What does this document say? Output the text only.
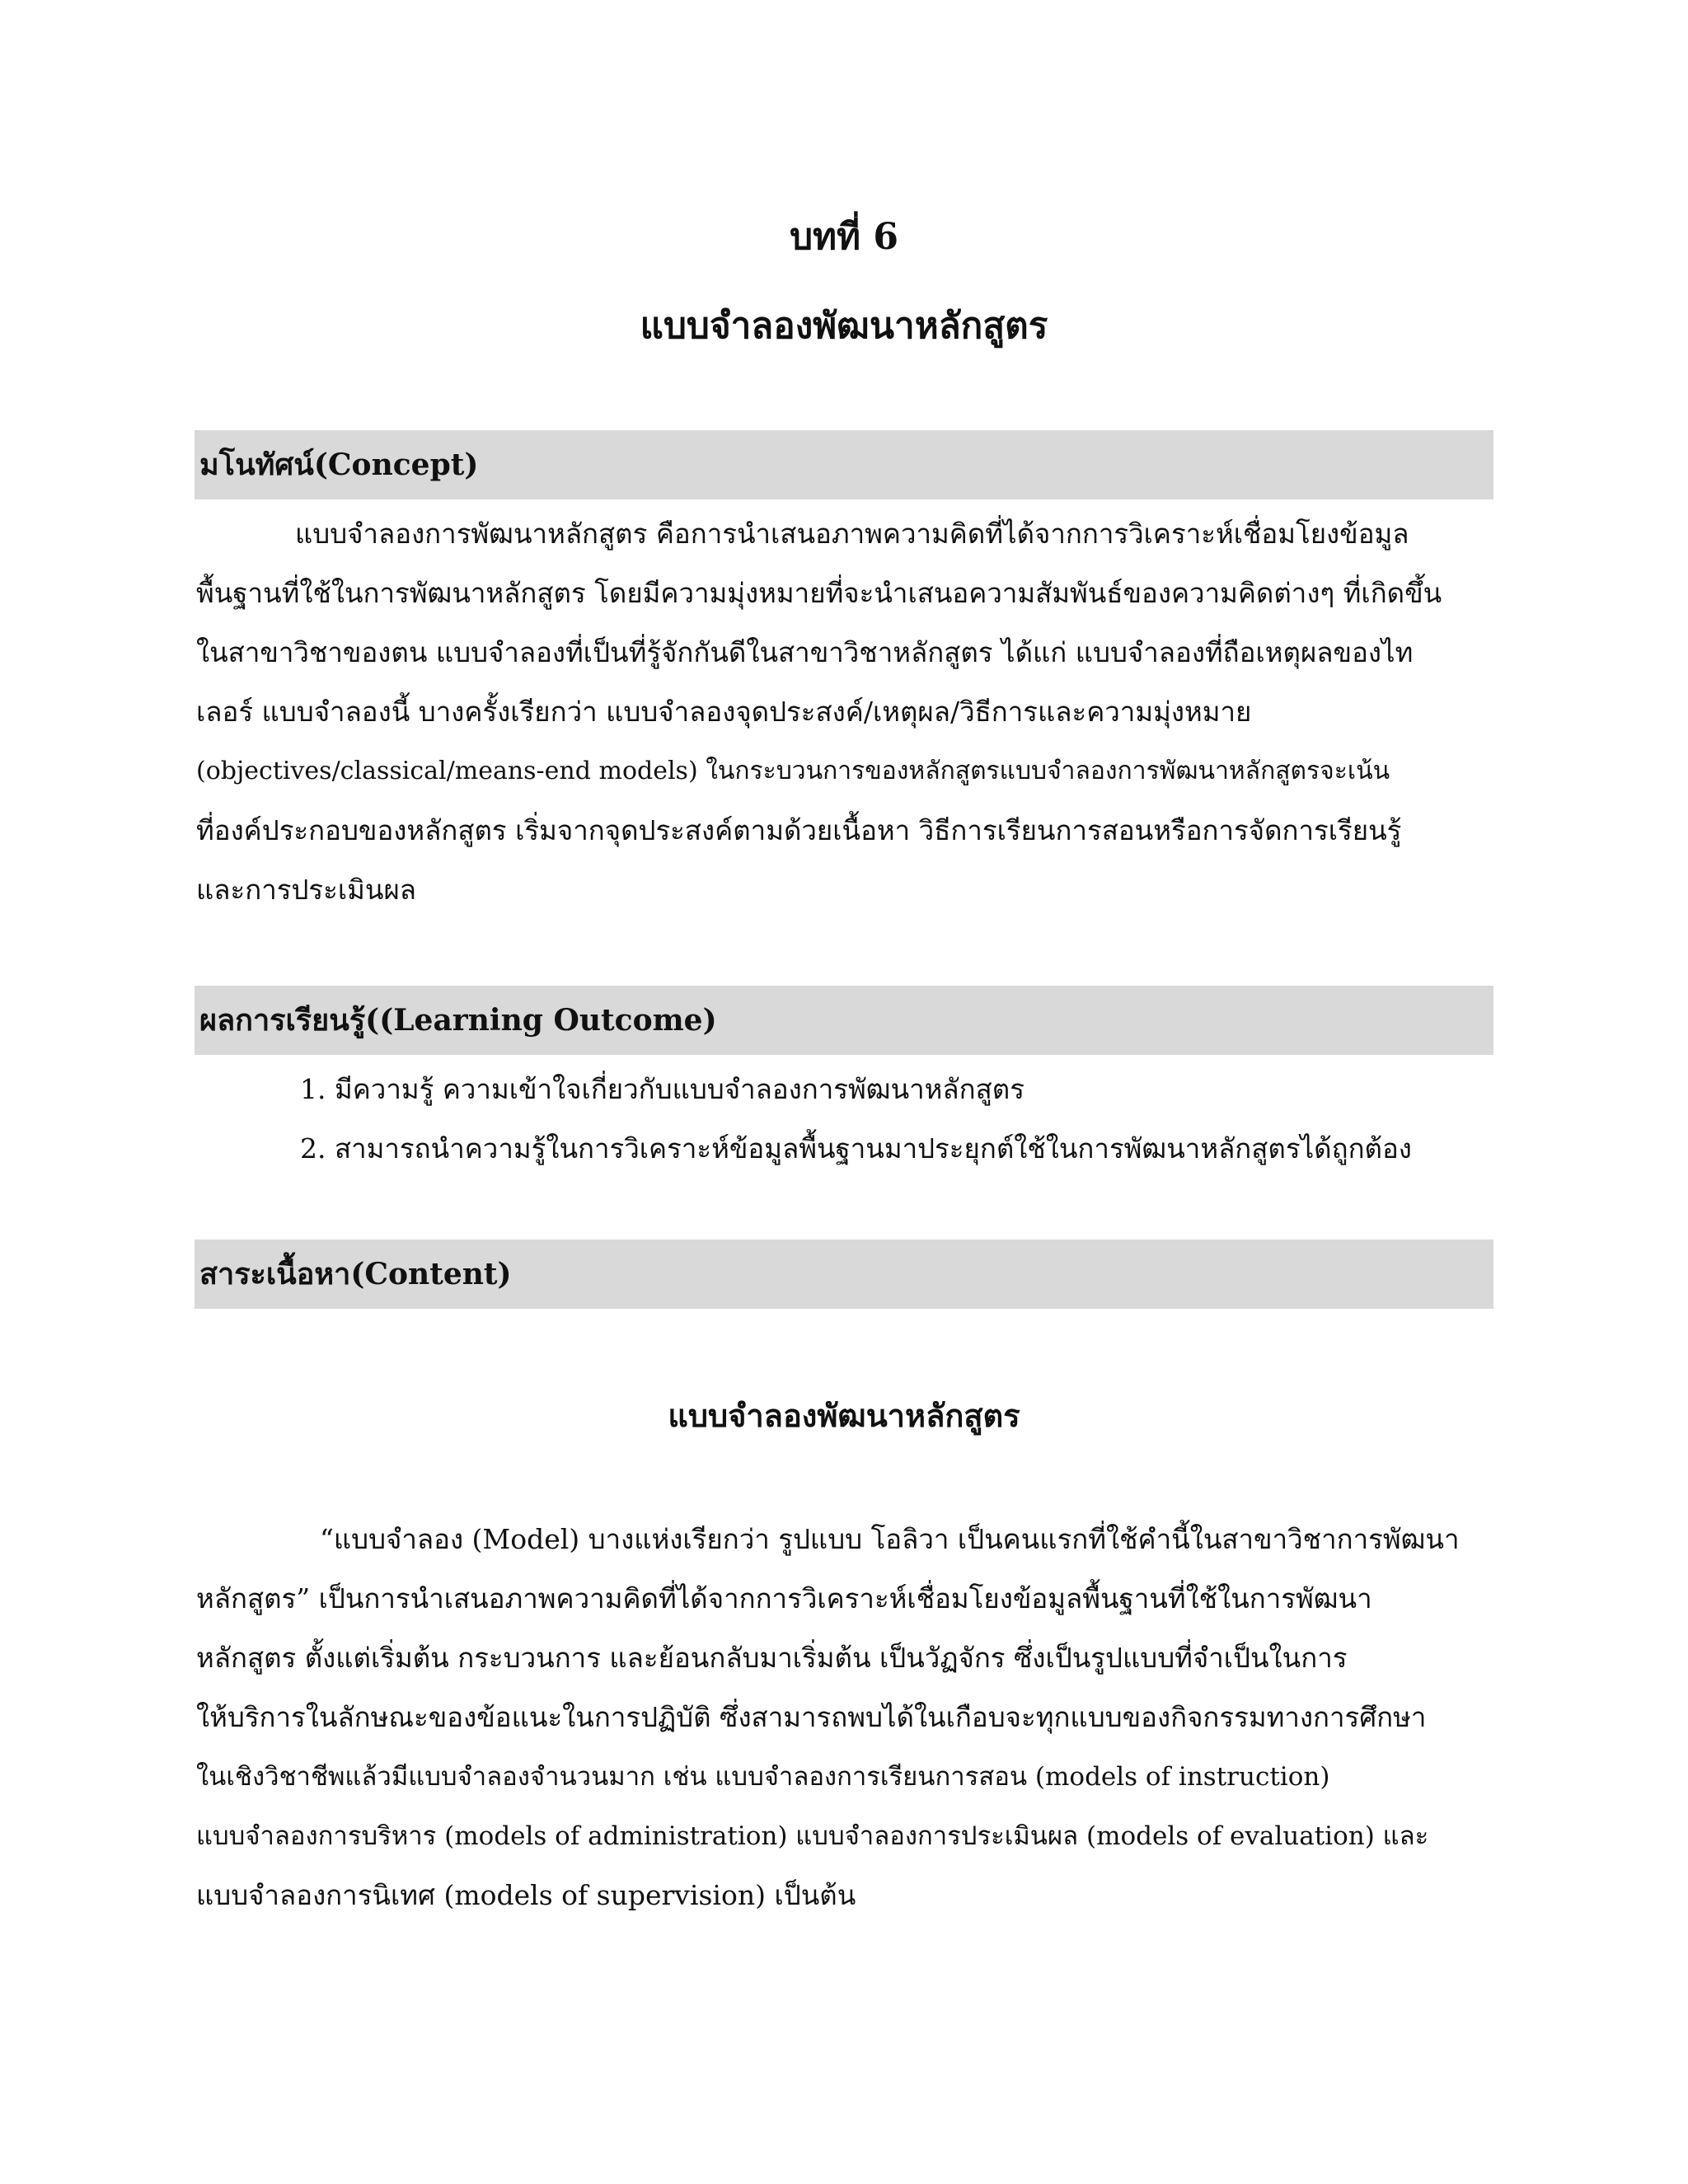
บทที่ 6
แบบจำลองพัฒนาหลักสูตร
มโนทัศน์(Concept)
แบบจำลองการพัฒนาหลักสูตร คือการนำเสนอภาพความคิดที่ได้จากการวิเคราะห์เชื่อมโยงข้อมูล
พื้นฐานที่ใช้ในการพัฒนาหลักสูตร โดยมีความมุ่งหมายที่จะนำเสนอความสัมพันธ์ของความคิดต่างๆ ที่เกิดขึ้น
ในสาขาวิชาของตน แบบจำลองที่เป็นที่รู้จักกันดีในสาขาวิชาหลักสูตร ได้แก่ แบบจำลองที่ถือเหตุผลของไท
เลอร์ แบบจำลองนี้ บางครั้งเรียกว่า แบบจำลองจุดประสงค์/เหตุผล/วิธีการและความมุ่งหมาย
(objectives/classical/means-end models) ในกระบวนการของหลักสูตรแบบจำลองการพัฒนาหลักสูตรจะเน้น
ที่องค์ประกอบของหลักสูตร เริ่มจากจุดประสงค์ตามด้วยเนื้อหา วิธีการเรียนการสอนหรือการจัดการเรียนรู้
และการประเมินผล
ผลการเรียนรู้((Learning Outcome)
1. มีความรู้ ความเข้าใจเกี่ยวกับแบบจำลองการพัฒนาหลักสูตร
2. สามารถนำความรู้ในการวิเคราะห์ข้อมูลพื้นฐานมาประยุกต์ใช้ในการพัฒนาหลักสูตรได้ถูกต้อง
สาระเนื้อหา(Content)
แบบจำลองพัฒนาหลักสูตร
“แบบจำลอง (Model) บางแห่งเรียกว่า รูปแบบ โอลิวา เป็นคนแรกที่ใช้คำนี้ในสาขาวิชาการพัฒนา
หลักสูตร” เป็นการนำเสนอภาพความคิดที่ได้จากการวิเคราะห์เชื่อมโยงข้อมูลพื้นฐานที่ใช้ในการพัฒนา
หลักสูตร ตั้งแต่เริ่มต้น กระบวนการ และย้อนกลับมาเริ่มต้น เป็นวัฏจักร ซึ่งเป็นรูปแบบที่จำเป็นในการ
ให้บริการในลักษณะของข้อแนะในการปฏิบัติ ซึ่งสามารถพบได้ในเกือบจะทุกแบบของกิจกรรมทางการศึกษา
ในเชิงวิชาชีพแล้วมีแบบจำลองจำนวนมาก เช่น แบบจำลองการเรียนการสอน (models of instruction)
แบบจำลองการบริหาร (models of administration) แบบจำลองการประเมินผล (models of evaluation) และ
แบบจำลองการนิเทศ (models of supervision) เป็นต้น
